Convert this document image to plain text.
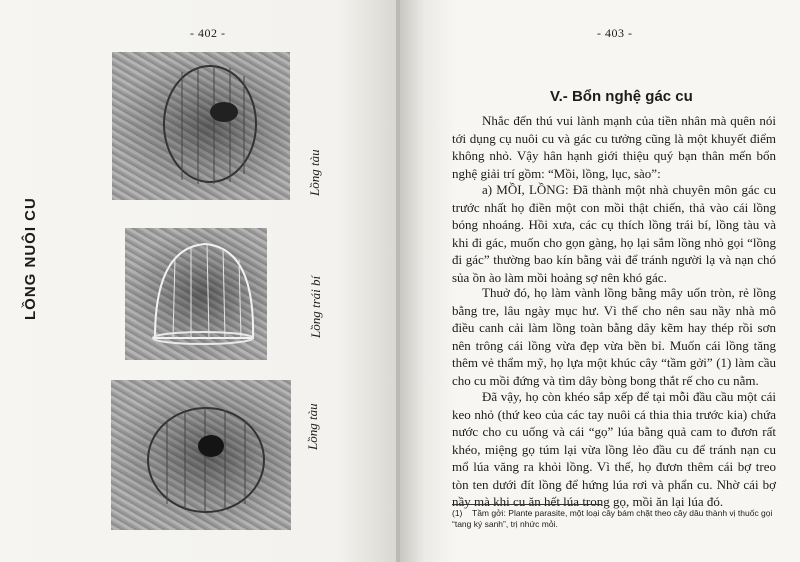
- 402 -
LỒNG NUÔI CU
Lồng tàu
Lồng trái bí
Lồng tàu
- 403 -
V.- Bổn nghệ gác cu

Nhắc đến thú vui lành mạnh của tiền nhân mà quên nói tới dụng cụ nuôi cu và gác cu tưởng cũng là một khuyết điểm không nhỏ. Vậy hân hạnh giới thiệu quý bạn thân mến bổn nghệ giải trí gồm: “Mồi, lồng, lục, sào”:

a) MỒI, LỒNG: Đã thành một nhà chuyên môn gác cu trước nhất họ điền một con mồi thật chiến, thả vào cái lồng bóng nhoáng. Hồi xưa, các cụ thích lồng trái bí, lồng tàu và khi đi gác, muốn cho gọn gàng, họ lại sắm lồng nhỏ gọi “lồng đi gác” thường bao kín bằng vải để tránh người lạ và nạn chó sủa ồn ào làm mồi hoảng sợ nên khó gác.

Thuở đó, họ làm vành lồng bằng mây uốn tròn, rẻ lồng bằng tre, lâu ngày mục hư. Vì thế cho nên sau nầy nhà mô điều canh cải làm lồng toàn bằng dây kẽm hay thép rồi sơn nên trông cái lồng vừa đẹp vừa bền bỉ. Muốn cái lồng tăng thêm vẻ thẩm mỹ, họ lựa một khúc cây “tầm gởi” (1) làm cầu cho cu mồi đứng và tìm dây bòng bong thắt rế cho cu nằm.

Đã vậy, họ còn khéo sắp xếp để tại mỗi đầu cầu một cái keo nhỏ (thứ keo của các tay nuôi cá thia thia trước kia) chứa nước cho cu uống và cái “gọ” lúa bằng quả cam to đươn rất khéo, miệng gọ túm lại vừa lồng lẻo đầu cu để tránh nạn cu mổ lúa văng ra khỏi lồng. Vì thế, họ đươn thêm cái bợ treo tòn ten dưới đít lồng để hứng lúa rơi và phẩn cu. Nhờ cái bợ nầy mà khi cu ăn hết lúa trong gọ, mồi ăn lại lúa đó.

(1) Tầm gởi: Plante parasite, một loại cây bám chặt theo cây dâu thành vị thuốc gọi “tang ký sanh”, trị nhức mỏi.
